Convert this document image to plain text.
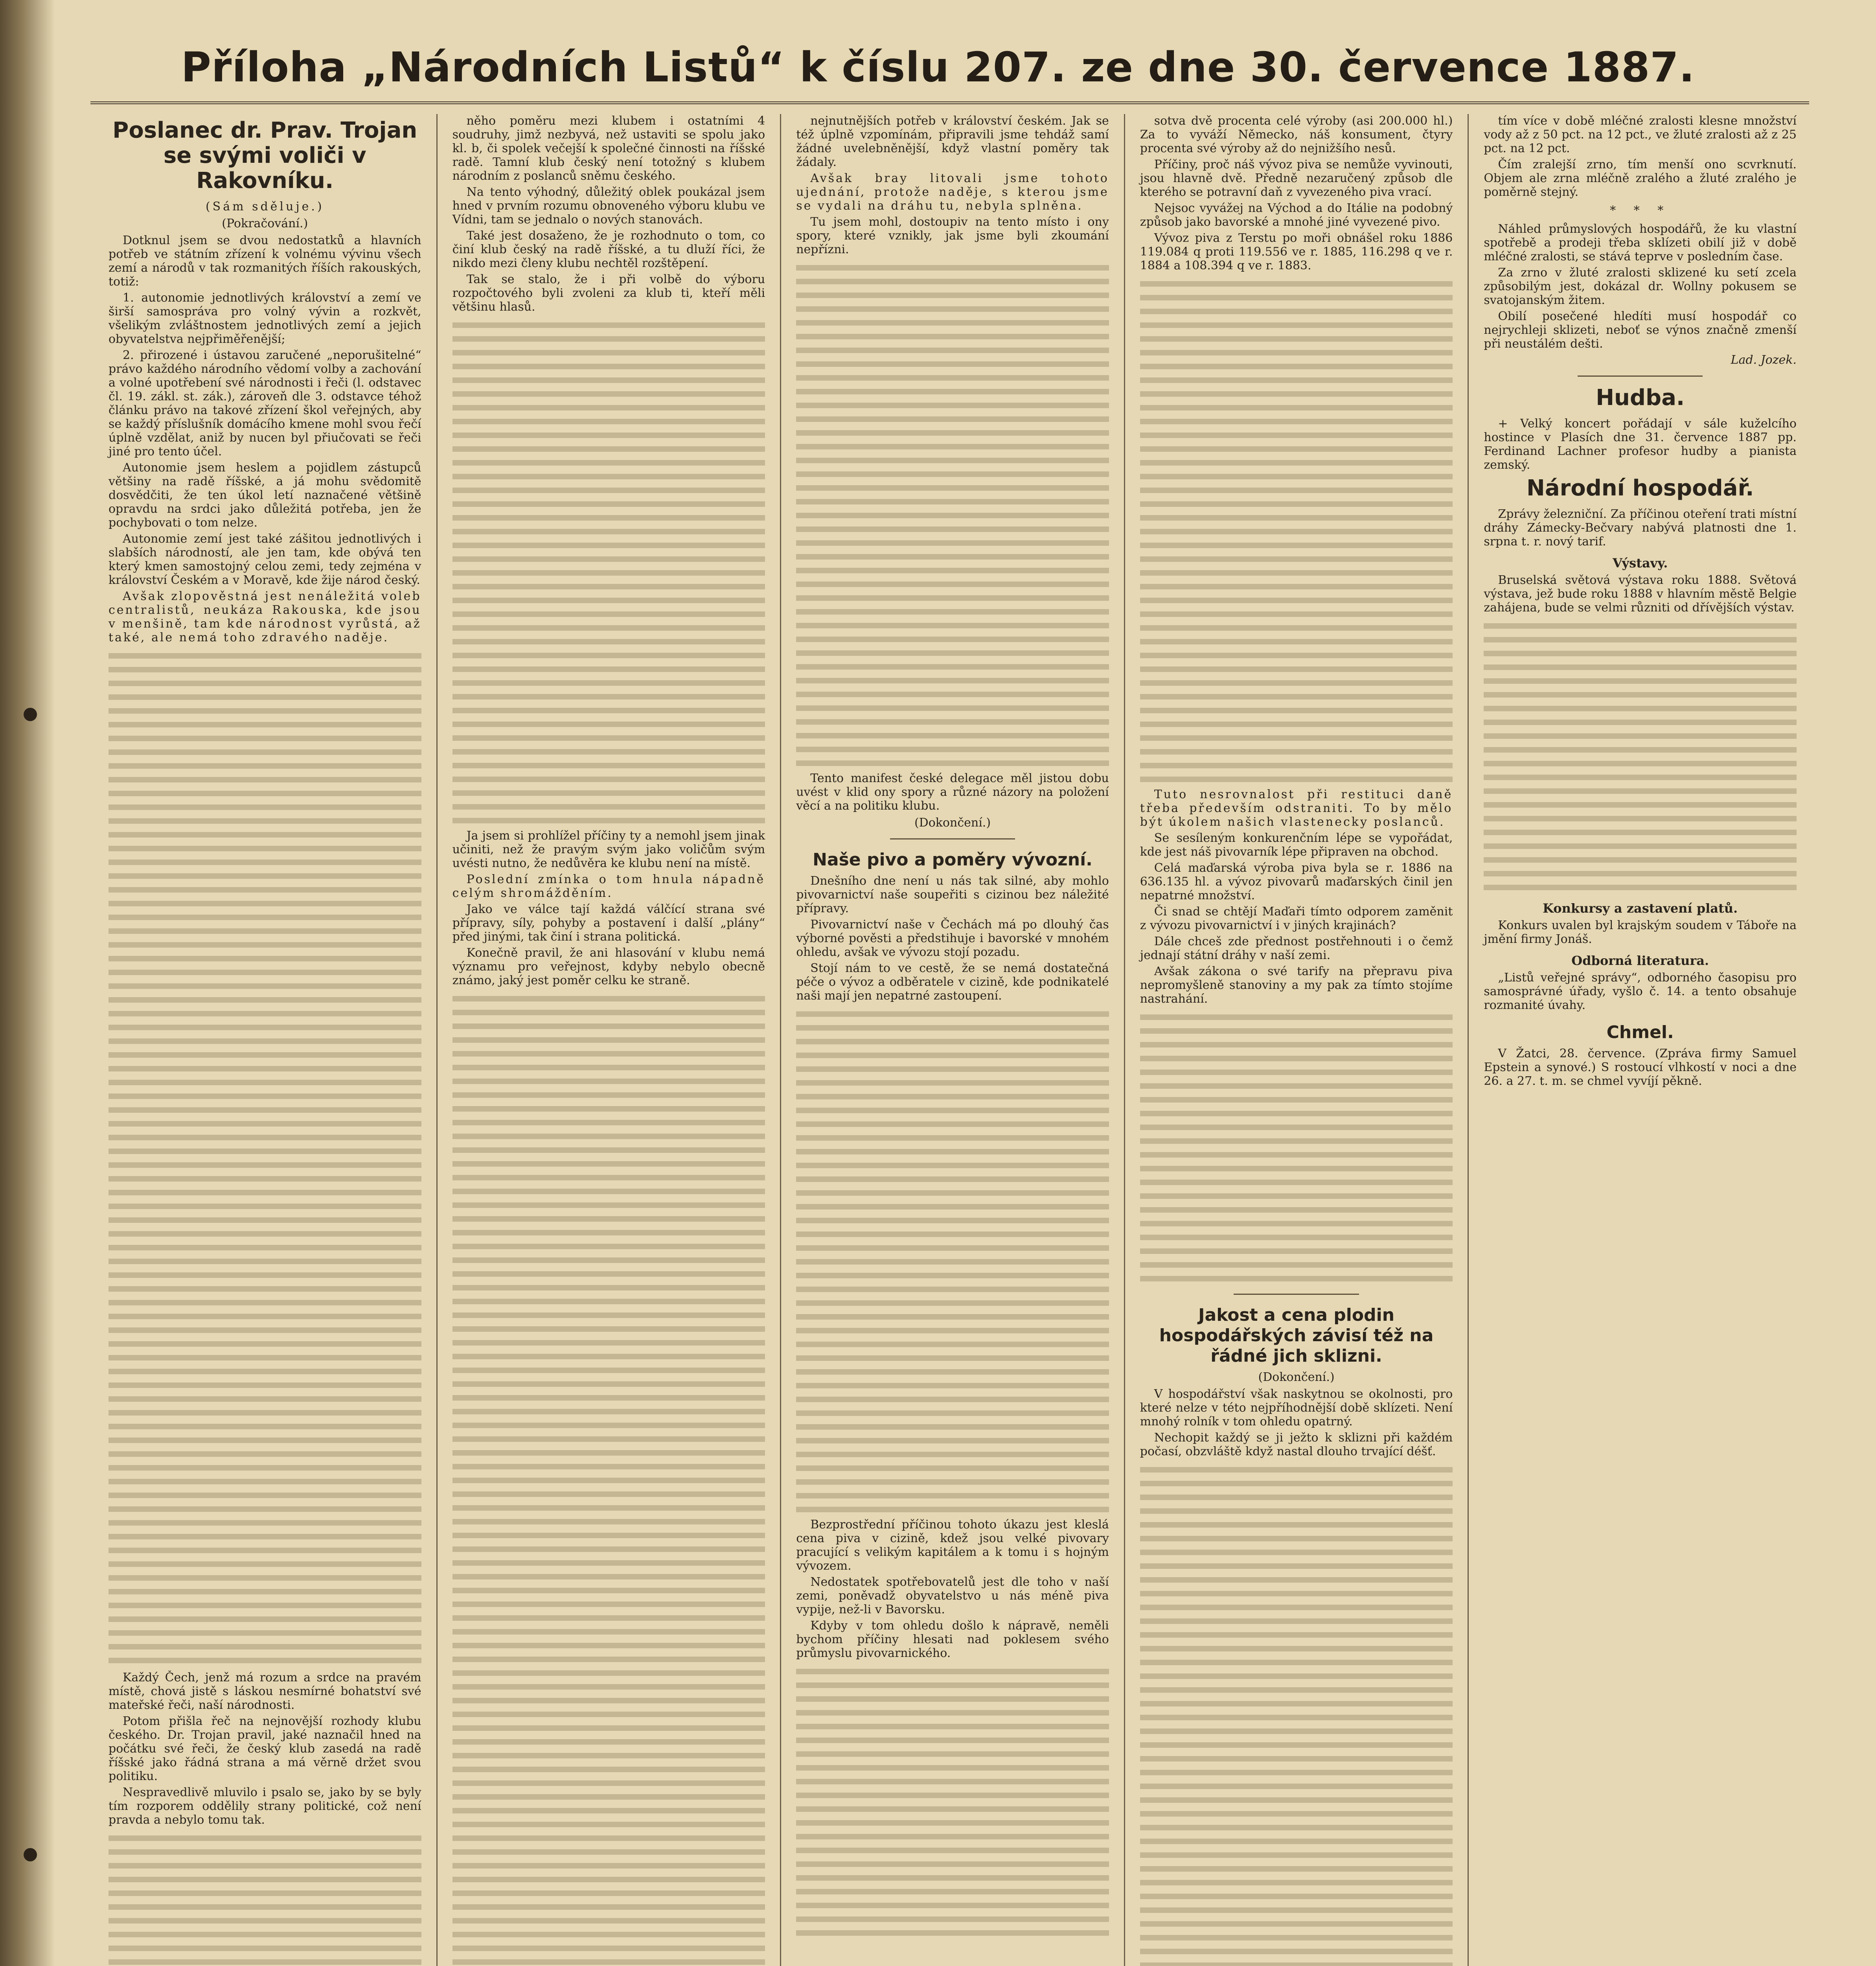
Příloha „Národních Listů“ k číslu 207. ze dne 30. července 1887.
Poslanec dr. Prav. Trojan se svými voliči v Rakovníku.
(Sám sděluje.)
(Pokračování.)

Dotknul jsem se dvou nedostatků a hlavních potřeb ve státním zřízení k volnému vývinu všech zemí a národů v tak rozmanitých říších rakouských, totiž:

1. autonomie jednotlivých království a zemí ve širší samospráva pro volný vývin a rozkvět, všelikým zvláštnostem jednotlivých zemí a jejich obyvatelstva nejpřiměřenější;

2. přirozené i ústavou zaručené „neporušitelné“ právo každého národního vědomí volby a zachování a volné upotřebení své národnosti i řeči (l. odstavec čl. 19. zákl. st. zák.), zároveň dle 3. odstavce téhož článku právo na takové zřízení škol veřejných, aby se každý příslušník domácího kmene mohl svou řečí úplně vzdělat, aniž by nucen byl přiučovati se řeči jiné pro tento účel.

Autonomie jsem heslem a pojidlem zástupců většiny na radě říšské, a já mohu svědomitě dosvědčiti, že ten úkol letí naznačené většině opravdu na srdci jako důležitá potřeba, jen že pochybovati o tom nelze.

Autonomie zemí jest také zášitou jednotlivých i slabších národností, ale jen tam, kde obývá ten který kmen samostojný celou zemi, tedy zejména v království Českém a v Moravě, kde žije národ český.

Avšak zlopověstná jest nenáležitá voleb centralistů, neukáza Rakouska, kde jsou v menšině, tam kde národnost vyrůstá, až také, ale nemá toho zdravého naděje.

Každý Čech, jenž má rozum a srdce na pravém místě, chová jistě s láskou nesmírné bohatství své mateřské řeči, naší národnosti.

Potom přišla řeč na nejnovější rozhody klubu českého. Dr. Trojan pravil, jaké naznačil hned na počátku své řeči, že český klub zasedá na radě říšské jako řádná strana a má věrně držet svou politiku.

Nespravedlivě mluvilo i psalo se, jako by se byly tím rozporem oddělily strany politické, což není pravda a nebylo tomu tak.

něho poměru mezi klubem i ostatními 4 soudruhy, jimž nezbyvá, než ustaviti se spolu jako kl. b, či spolek večejší k společné činnosti na říšské radě. Tamní klub český není totožný s klubem národním z poslanců sněmu českého.

Na tento výhodný, důležitý oblek poukázal jsem hned v prvním rozumu obnoveného výboru klubu ve Vídni, tam se jednalo o nových stanovách.

Také jest dosaženo, že je rozhodnuto o tom, co činí klub český na radě říšské, a tu dluží říci, že nikdo mezi členy klubu nechtěl rozštěpení.

Tak se stalo, že i při volbě do výboru rozpočtového byli zvoleni za klub ti, kteří měli většinu hlasů.

Ja jsem si prohlížel příčiny ty a nemohl jsem jinak učiniti, než že pravým svým jako voličům svým uvésti nutno, že nedůvěra ke klubu není na místě.

Poslední zmínka o tom hnula nápadně celým shromážděním.

Jako ve válce tají každá válčící strana své přípravy, síly, pohyby a postavení i další „plány“ před jinými, tak činí i strana politická.

Konečně pravil, že ani hlasování v klubu nemá významu pro veřejnost, kdyby nebylo obecně známo, jaký jest poměr celku ke straně.

nejnutnějších potřeb v království českém. Jak se též úplně vzpomínám, připravili jsme tehdáž samí žádné uvelebněnější, když vlastní poměry tak žádaly.

Avšak bray litovali jsme tohoto ujednání, protože naděje, s kterou jsme se vydali na dráhu tu, nebyla splněna.

Tu jsem mohl, dostoupiv na tento místo i ony spory, které vznikly, jak jsme byli zkoumání nepřízni.

Tento manifest české delegace měl jistou dobu uvést v klid ony spory a různé názory na položení věcí a na politiku klubu.

(Dokončení.)
Naše pivo a poměry vývozní.

Dnešního dne není u nás tak silné, aby mohlo pivovarnictví naše soupeřiti s cizinou bez náležité přípravy.

Pivovarnictví naše v Čechách má po dlouhý čas výborné pověsti a předstihuje i bavorské v mnohém ohledu, avšak ve vývozu stojí pozadu.

Stojí nám to ve cestě, že se nemá dostatečná péče o vývoz a odběratele v cizině, kde podnikatelé naši mají jen nepatrné zastoupení.

Bezprostřední příčinou tohoto úkazu jest kleslá cena piva v cizině, kdež jsou velké pivovary pracující s velikým kapitálem a k tomu i s hojným vývozem.

Nedostatek spotřebovatelů jest dle toho v naší zemi, poněvadž obyvatelstvo u nás méně piva vypije, než-li v Bavorsku.

Kdyby v tom ohledu došlo k nápravě, neměli bychom příčiny hlesati nad poklesem svého průmyslu pivovarnického.

sotva dvě procenta celé výroby (asi 200.000 hl.) Za to vyváží Německo, náš konsument, čtyry procenta své výroby až do nejnižšího nesů.

Příčiny, proč náš vývoz piva se nemůže vyvinouti, jsou hlavně dvě. Předně nezaručený způsob dle kterého se potravní daň z vyvezeného piva vrací.

Nejsoc vyvážej na Východ a do Itálie na podobný způsob jako bavorské a mnohé jiné vyvezené pivo.

Vývoz piva z Terstu po moři obnášel roku 1886 119.084 q proti 119.556 ve r. 1885, 116.298 q ve r. 1884 a 108.394 q ve r. 1883.

Tuto nesrovnalost při restituci daně třeba především odstraniti. To by mělo být úkolem našich vlastenecky poslanců.

Se sesíleným konkurenčním lépe se vypořádat, kde jest náš pivovarník lépe připraven na obchod.

Celá maďarská výroba piva byla se r. 1886 na 636.135 hl. a vývoz pivovarů maďarských činil jen nepatrné množství.

Či snad se chtějí Maďaři tímto odporem zaměnit z vývozu pivovarnictví i v jiných krajinách?

Dále chceš zde přednost postřehnouti i o čemž jednají státní dráhy v naší zemi.

Avšak zákona o své tarify na přepravu piva nepromyšleně stanoviny a my pak za tímto stojíme nastrahání.

Jakost a cena plodin hospodářských závisí též na řádné jich sklizni.
(Dokončení.)

V hospodářství však naskytnou se okolnosti, pro které nelze v této nejpříhodnější době sklízeti. Není mnohý rolník v tom ohledu opatrný.

Nechopit každý se ji ježto k sklizni při každém počasí, obzvláště když nastal dlouho trvající déšť.

tím více v době mléčné zralosti klesne množství vody až z 50 pct. na 12 pct., ve žluté zralosti až z 25 pct. na 12 pct.

Čím zralejší zrno, tím menší ono scvrknutí. Objem ale zrna mléčně zralého a žluté zralého je poměrně stejný.

* * *

Náhled průmyslových hospodářů, že ku vlastní spotřebě a prodeji třeba sklízeti obilí již v době mléčné zralosti, se stává teprve v posledním čase.

Za zrno v žluté zralosti sklizené ku setí zcela způsobilým jest, dokázal dr. Wollny pokusem se svatojanským žitem.

Obilí posečené hledíti musí hospodář co nejrychleji sklizeti, neboť se výnos značně zmenší při neustálém dešti.

Lad. Jozek.
Hudba.

+ Velký koncert pořádají v sále kuželcího hostince v Plasích dne 31. července 1887 pp. Ferdinand Lachner profesor hudby a pianista zemský.

Národní hospodář.

Zprávy železniční. Za příčinou oteření trati místní dráhy Zámecky-Bečvary nabývá platnosti dne 1. srpna t. r. nový tarif.

Výstavy.

Bruselská světová výstava roku 1888. Světová výstava, jež bude roku 1888 v hlavním městě Belgie zahájena, bude se velmi různiti od dřívějších výstav.

Konkursy a zastavení platů.

Konkurs uvalen byl krajským soudem v Táboře na jmění firmy Jonáš.

Odborná literatura.

„Listů veřejné správy“, odborného časopisu pro samosprávné úřady, vyšlo č. 14. a tento obsahuje rozmanité úvahy.

Chmel.

V Žatci, 28. července. (Zpráva firmy Samuel Epstein a synové.) S rostoucí vlhkostí v noci a dne 26. a 27. t. m. se chmel vyvíjí pěkně.
